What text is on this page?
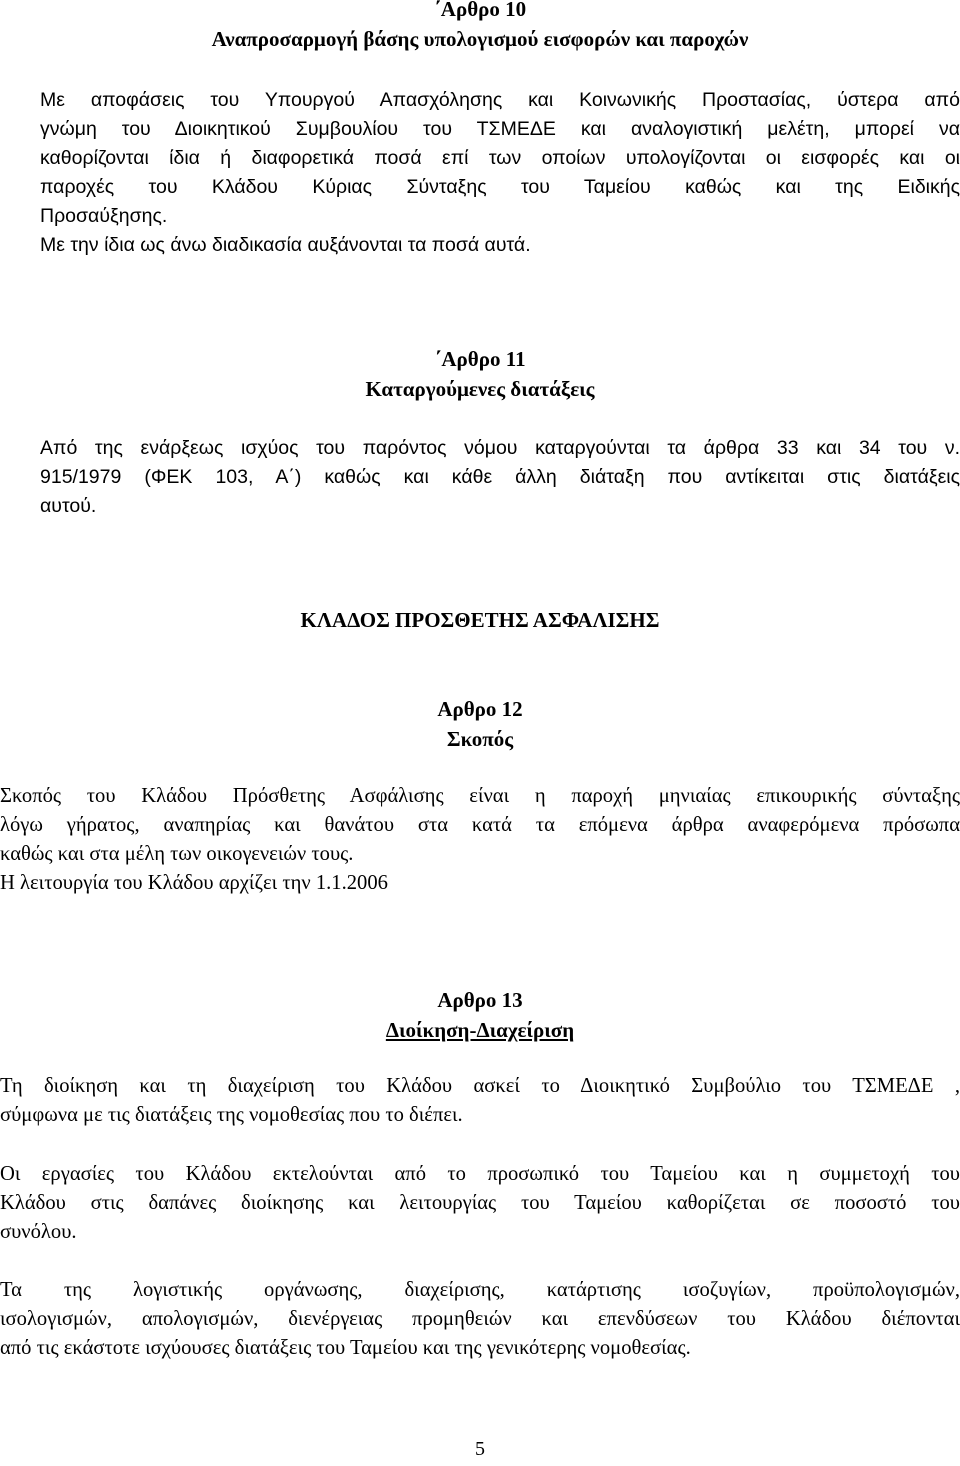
΄Αρθρο 10
Αναπροσαρμογή βάσης υπολογισμού εισφορών και παροχών
Με αποφάσεις του Υπουργού Απασχόλησης και Κοινωνικής Προστασίας, ύστερα από
γνώμη του Διοικητικού Συμβουλίου του ΤΣΜΕΔΕ και αναλογιστική μελέτη, μπορεί να
καθορίζονται ίδια ή διαφορετικά ποσά επί των οποίων υπολογίζονται οι εισφορές και οι
παροχές του Κλάδου Κύριας Σύνταξης του Ταμείου καθώς και της Ειδικής
Προσαύξησης.
Με την ίδια ως άνω διαδικασία αυξάνονται τα ποσά αυτά.
΄Αρθρο 11
Καταργούμενες διατάξεις
Από της ενάρξεως ισχύος του παρόντος νόμου καταργούνται τα άρθρα 33 και 34 του ν.
915/1979 (ΦΕΚ 103, Α΄) καθώς και κάθε άλλη διάταξη που αντίκειται στις διατάξεις
αυτού.
ΚΛΑΔΟΣ ΠΡΟΣΘΕΤΗΣ ΑΣΦΑΛΙΣΗΣ
Αρθρο 12
Σκοπός
Σκοπός του Κλάδου Πρόσθετης Ασφάλισης είναι η παροχή μηνιαίας επικουρικής σύνταξης
λόγω γήρατος, αναπηρίας και θανάτου στα κατά τα επόμενα άρθρα αναφερόμενα πρόσωπα
καθώς και στα μέλη των οικογενειών τους.
Η λειτουργία του Κλάδου αρχίζει την 1.1.2006
Αρθρο 13
Διοίκηση-Διαχείριση
Τη διοίκηση και τη διαχείριση του Κλάδου ασκεί το Διοικητικό Συμβούλιο του ΤΣΜΕΔΕ ,
σύμφωνα με τις διατάξεις της νομοθεσίας που το διέπει.
Οι εργασίες του Κλάδου εκτελούνται από το προσωπικό του Ταμείου και η συμμετοχή του
Κλάδου στις δαπάνες διοίκησης και λειτουργίας του Ταμείου καθορίζεται σε ποσοστό του
συνόλου.
Τα της λογιστικής οργάνωσης, διαχείρισης, κατάρτισης ισοζυγίων, προϋπολογισμών,
ισολογισμών, απολογισμών, διενέργειας προμηθειών και επενδύσεων του Κλάδου διέπονται
από τις εκάστοτε ισχύουσες διατάξεις του Ταμείου και της γενικότερης νομοθεσίας.
5
